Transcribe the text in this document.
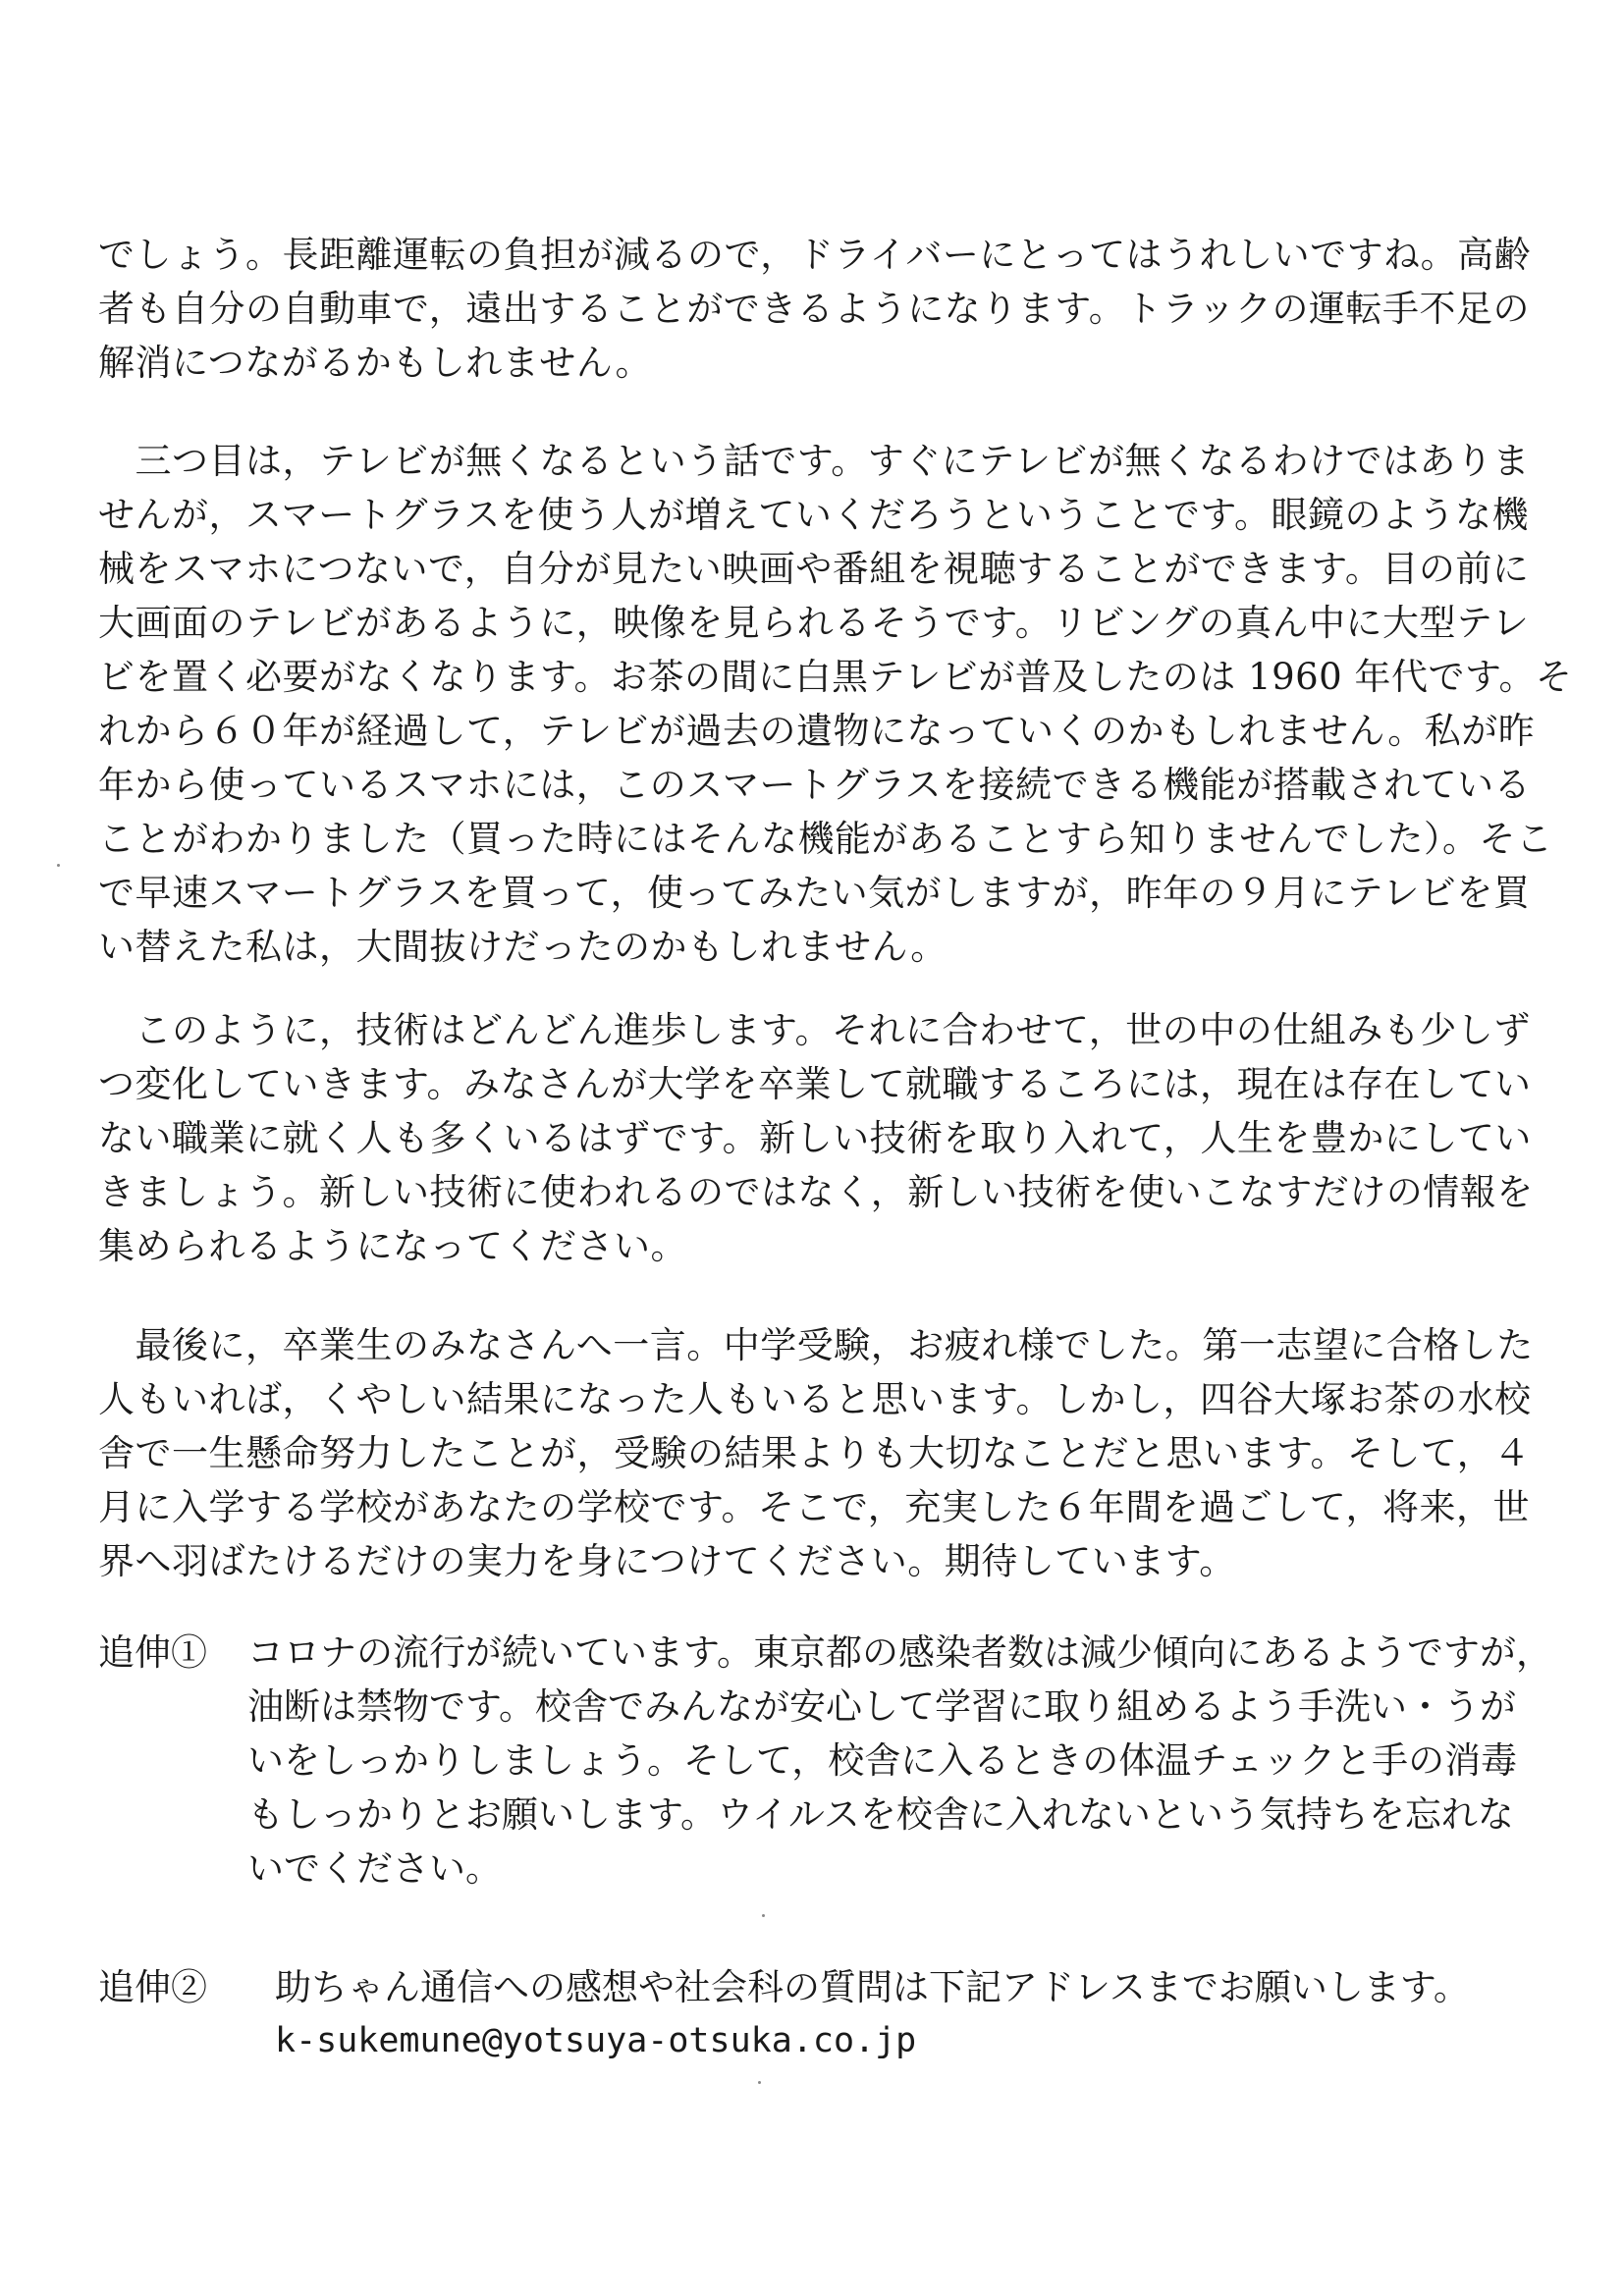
でしょう。長距離運転の負担が減るので，ドライバーにとってはうれしいですね。高齢
者も自分の自動車で，遠出することができるようになります。トラックの運転手不足の
解消につながるかもしれません。

　三つ目は，テレビが無くなるという話です。すぐにテレビが無くなるわけではありま
せんが，スマートグラスを使う人が増えていくだろうということです。眼鏡のような機
械をスマホにつないで，自分が見たい映画や番組を視聴することができます。目の前に
大画面のテレビがあるように，映像を見られるそうです。リビングの真ん中に大型テレ
ビを置く必要がなくなります。お茶の間に白黒テレビが普及したのは 1960 年代です。そ
れから６０年が経過して，テレビが過去の遺物になっていくのかもしれません。私が昨
年から使っているスマホには，このスマートグラスを接続できる機能が搭載されている
ことがわかりました（買った時にはそんな機能があることすら知りませんでした）。そこ
で早速スマートグラスを買って，使ってみたい気がしますが，昨年の９月にテレビを買
い替えた私は，大間抜けだったのかもしれません。

　このように，技術はどんどん進歩します。それに合わせて，世の中の仕組みも少しず
つ変化していきます。みなさんが大学を卒業して就職するころには，現在は存在してい
ない職業に就く人も多くいるはずです。新しい技術を取り入れて，人生を豊かにしてい
きましょう。新しい技術に使われるのではなく，新しい技術を使いこなすだけの情報を
集められるようになってください。

　最後に，卒業生のみなさんへ一言。中学受験，お疲れ様でした。第一志望に合格した
人もいれば，くやしい結果になった人もいると思います。しかし，四谷大塚お茶の水校
舎で一生懸命努力したことが，受験の結果よりも大切なことだと思います。そして，４
月に入学する学校があなたの学校です。そこで，充実した６年間を過ごして，将来，世
界へ羽ばたけるだけの実力を身につけてください。期待しています。

追伸① コロナの流行が続いています。東京都の感染者数は減少傾向にあるようですが，
油断は禁物です。校舎でみんなが安心して学習に取り組めるよう手洗い・うが
いをしっかりしましょう。そして，校舎に入るときの体温チェックと手の消毒
もしっかりとお願いします。ウイルスを校舎に入れないという気持ちを忘れな
いでください。
追伸② 助ちゃん通信への感想や社会科の質問は下記アドレスまでお願いします。
k-sukemune@yotsuya-otsuka.co.jp
